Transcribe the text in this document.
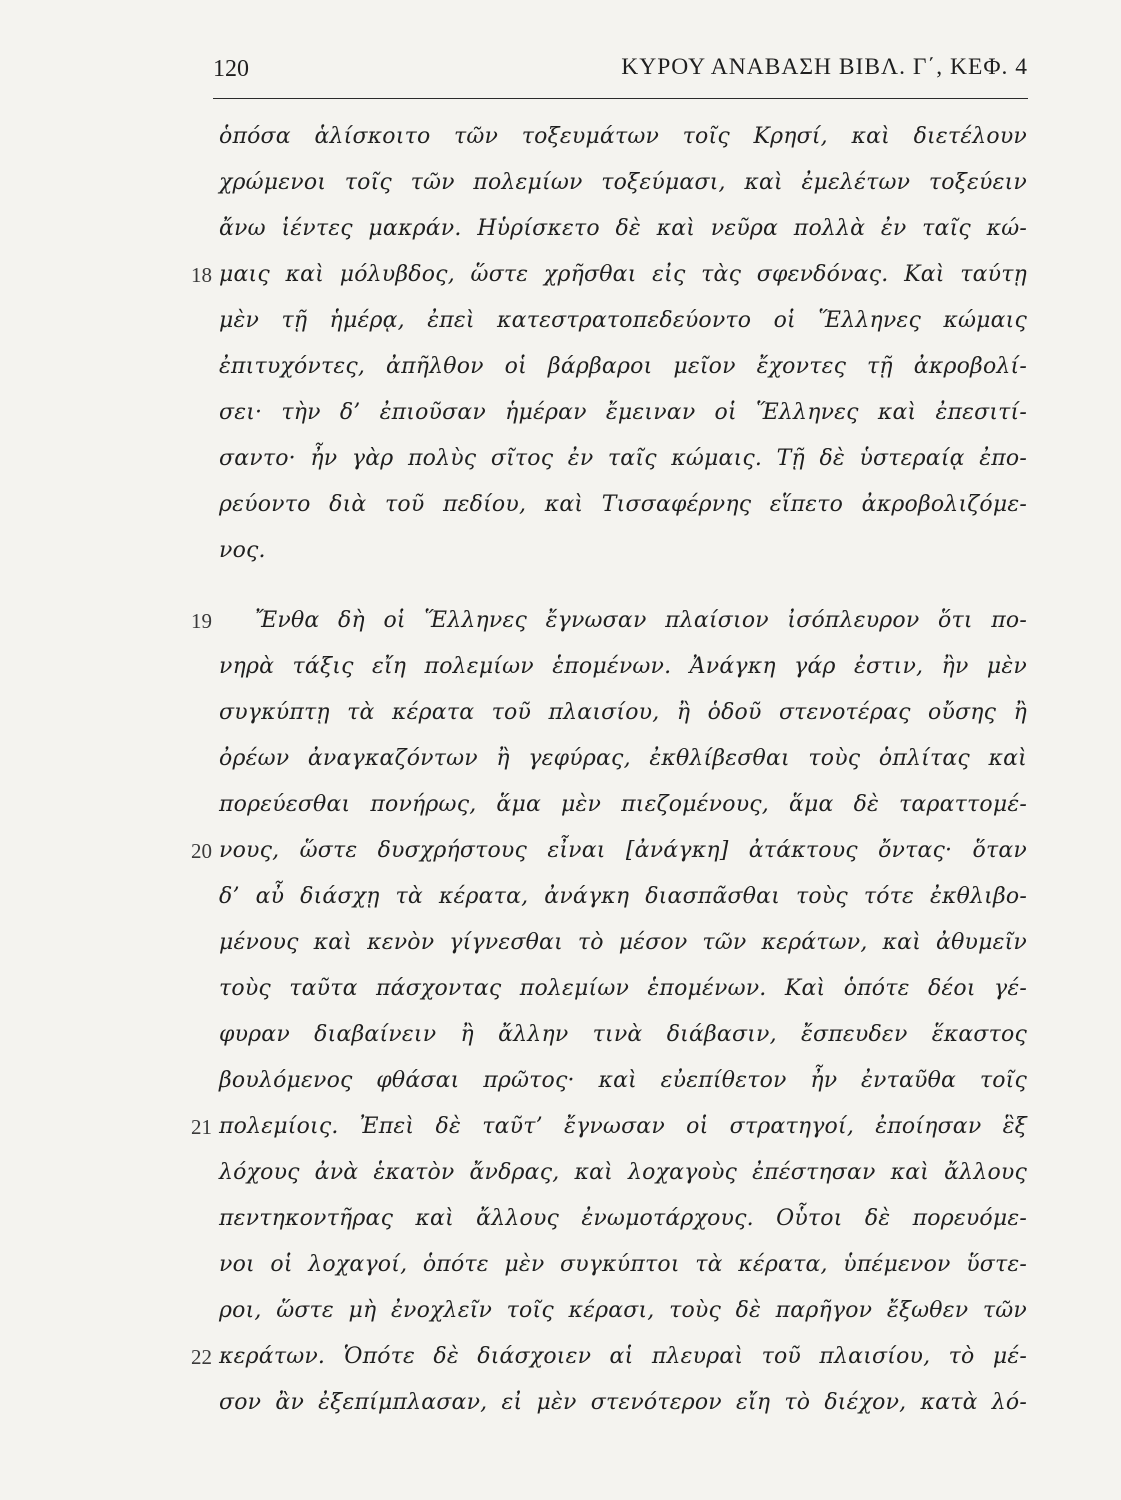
120	ΚΥΡΟΥ ΑΝΑΒΑΣΗ ΒΙΒΛ. Γ΄, ΚΕΦ. 4
ὁπόσα ἁλίσκοιτο τῶν τοξευμάτων τοῖς Κρησί, καὶ διετέλουν
χρώμενοι τοῖς τῶν πολεμίων τοξεύμασι, καὶ ἐμελέτων τοξεύειν
ἄνω ἱέντες μακράν. Ηὑρίσκετο δὲ καὶ νεῦρα πολλὰ ἐν ταῖς κώ-
μαις καὶ μόλυβδος, ὥστε χρῆσθαι εἰς τὰς σφενδόνας. Καὶ ταύτῃ
μὲν τῇ ἡμέρᾳ, ἐπεὶ κατεστρατοπεδεύοντο οἱ Ἕλληνες κώμαις
ἐπιτυχόντες, ἀπῆλθον οἱ βάρβαροι μεῖον ἔχοντες τῇ ἀκροβολί-
σει· τὴν δ’ ἐπιοῦσαν ἡμέραν ἔμειναν οἱ Ἕλληνες καὶ ἐπεσιτί-
σαντο· ἦν γὰρ πολὺς σῖτος ἐν ταῖς κώμαις. Τῇ δὲ ὑστεραίᾳ ἐπο-
ρεύοντο διὰ τοῦ πεδίου, καὶ Τισσαφέρνης εἵπετο ἀκροβολιζόμε-
νος.
Ἔνθα δὴ οἱ Ἕλληνες ἔγνωσαν πλαίσιον ἰσόπλευρον ὅτι πο-
νηρὰ τάξις εἴη πολεμίων ἑπομένων. Ἀνάγκη γάρ ἐστιν, ἢν μὲν
συγκύπτῃ τὰ κέρατα τοῦ πλαισίου, ἢ ὁδοῦ στενοτέρας οὔσης ἢ
ὀρέων ἀναγκαζόντων ἢ γεφύρας, ἐκθλίβεσθαι τοὺς ὁπλίτας καὶ
πορεύεσθαι πονήρως, ἅμα μὲν πιεζομένους, ἅμα δὲ ταραττομέ-
νους, ὥστε δυσχρήστους εἶναι [ἀνάγκη] ἀτάκτους ὄντας· ὅταν
δ’ αὖ διάσχῃ τὰ κέρατα, ἀνάγκη διασπᾶσθαι τοὺς τότε ἐκθλιβο-
μένους καὶ κενὸν γίγνεσθαι τὸ μέσον τῶν κεράτων, καὶ ἀθυμεῖν
τοὺς ταῦτα πάσχοντας πολεμίων ἑπομένων. Καὶ ὁπότε δέοι γέ-
φυραν διαβαίνειν ἢ ἄλλην τινὰ διάβασιν, ἔσπευδεν ἕκαστος
βουλόμενος φθάσαι πρῶτος· καὶ εὐεπίθετον ἦν ἐνταῦθα τοῖς
πολεμίοις. Ἐπεὶ δὲ ταῦτ’ ἔγνωσαν οἱ στρατηγοί, ἐποίησαν ἓξ
λόχους ἀνὰ ἑκατὸν ἄνδρας, καὶ λοχαγοὺς ἐπέστησαν καὶ ἄλλους
πεντηκοντῆρας καὶ ἄλλους ἐνωμοτάρχους. Οὗτοι δὲ πορευόμε-
νοι οἱ λοχαγοί, ὁπότε μὲν συγκύπτοι τὰ κέρατα, ὑπέμενον ὕστε-
ροι, ὥστε μὴ ἐνοχλεῖν τοῖς κέρασι, τοὺς δὲ παρῆγον ἔξωθεν τῶν
κεράτων. Ὁπότε δὲ διάσχοιεν αἱ πλευραὶ τοῦ πλαισίου, τὸ μέ-
σον ἂν ἐξεπίμπλασαν, εἰ μὲν στενότερον εἴη τὸ διέχον, κατὰ λό-
18
19
20
21
22
